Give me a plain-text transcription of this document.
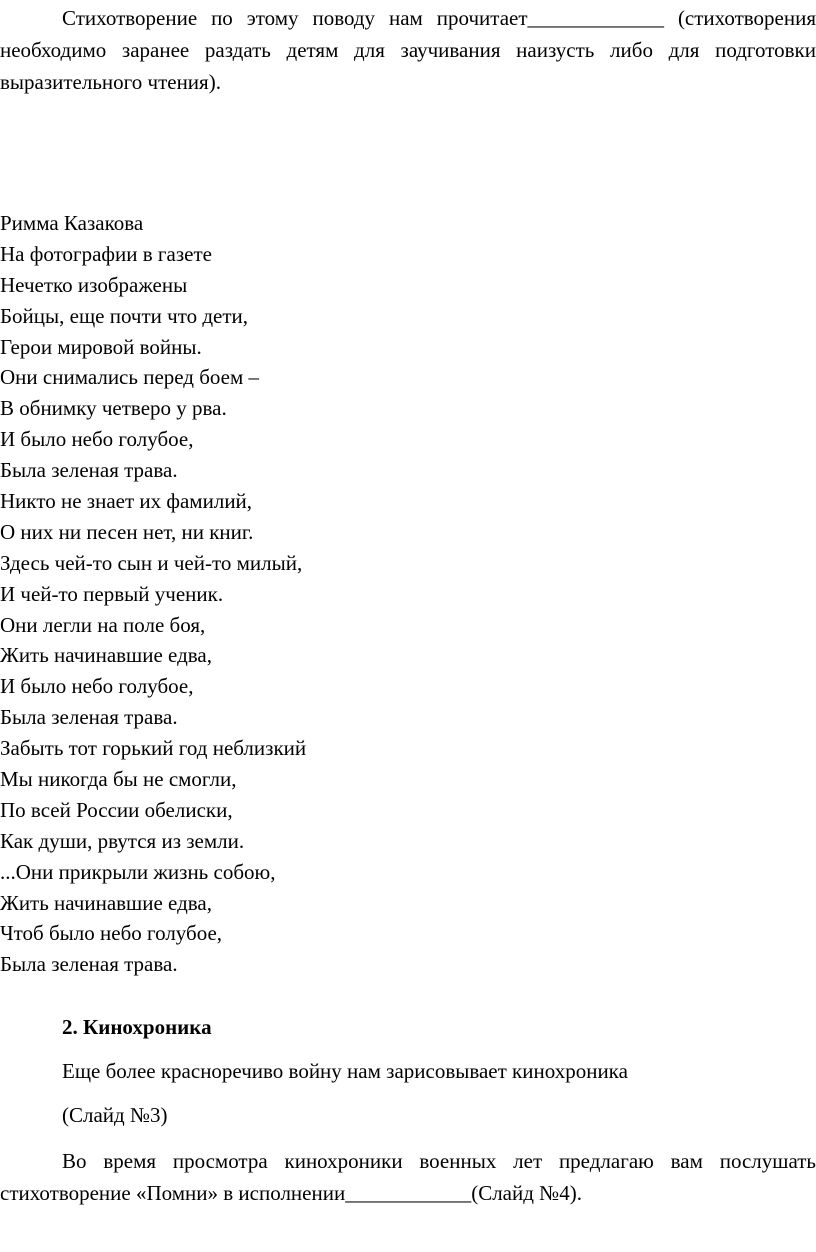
Стихотворение по этому поводу нам прочитает_____________ (стихотворения необходимо заранее раздать детям для заучивания наизусть либо для подготовки выразительного чтения).

Римма Казакова
На фотографии в газете
Нечетко изображены
Бойцы, еще почти что дети,
Герои мировой войны.
Они снимались перед боем –
В обнимку четверо у рва.
И было небо голубое,
Была зеленая трава.
Никто не знает их фамилий,
О них ни песен нет, ни книг.
Здесь чей-то сын и чей-то милый,
И чей-то первый ученик.
Они легли на поле боя,
Жить начинавшие едва,
И было небо голубое,
Была зеленая трава.
Забыть тот горький год неблизкий
Мы никогда бы не смогли,
По всей России обелиски,
Как души, рвутся из земли.
...Они прикрыли жизнь собою,
Жить начинавшие едва,
Чтоб было небо голубое,
Была зеленая трава.

2. Кинохроника

Еще более красноречиво войну нам зарисовывает кинохроника

(Слайд №3)

Во время просмотра кинохроники военных лет предлагаю вам послушать стихотворение «Помни» в исполнении____________(Слайд №4).
